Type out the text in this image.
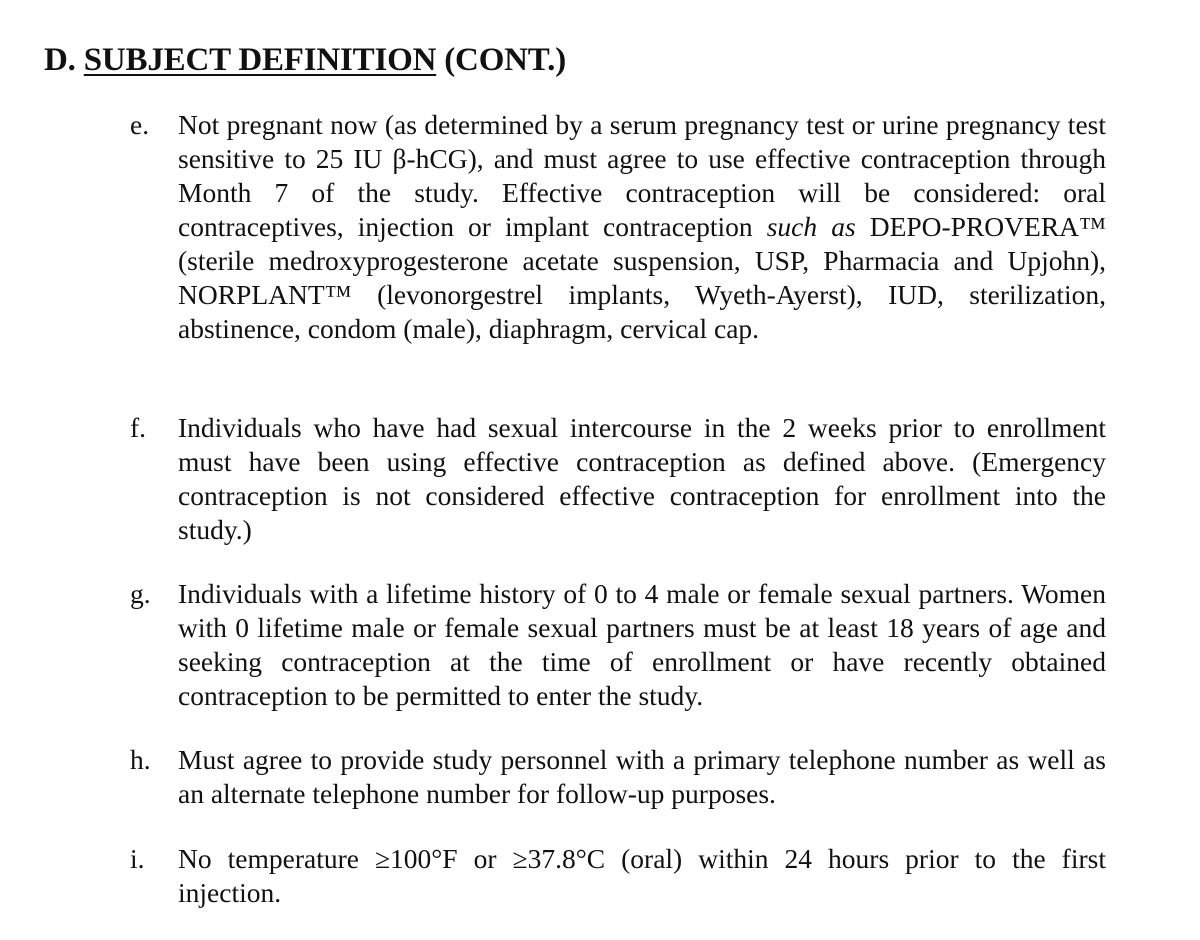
D. SUBJECT DEFINITION (CONT.)
e.	Not pregnant now (as determined by a serum pregnancy test or urine pregnancy test sensitive to 25 IU β-hCG), and must agree to use effective contraception through Month 7 of the study. Effective contraception will be considered: oral contraceptives, injection or implant contraception such as DEPO-PROVERA™ (sterile medroxyprogesterone acetate suspension, USP, Pharmacia and Upjohn), NORPLANT™ (levonorgestrel implants, Wyeth-Ayerst), IUD, sterilization, abstinence, condom (male), diaphragm, cervical cap.
f.	Individuals who have had sexual intercourse in the 2 weeks prior to enrollment must have been using effective contraception as defined above. (Emergency contraception is not considered effective contraception for enrollment into the study.)
g. Individuals with a lifetime history of 0 to 4 male or female sexual partners. Women with 0 lifetime male or female sexual partners must be at least 18 years of age and seeking contraception at the time of enrollment or have recently obtained contraception to be permitted to enter the study.
h. Must agree to provide study personnel with a primary telephone number as well as an alternate telephone number for follow-up purposes.
i.	No temperature ≥100°F or ≥37.8°C (oral) within 24 hours prior to the first injection.
